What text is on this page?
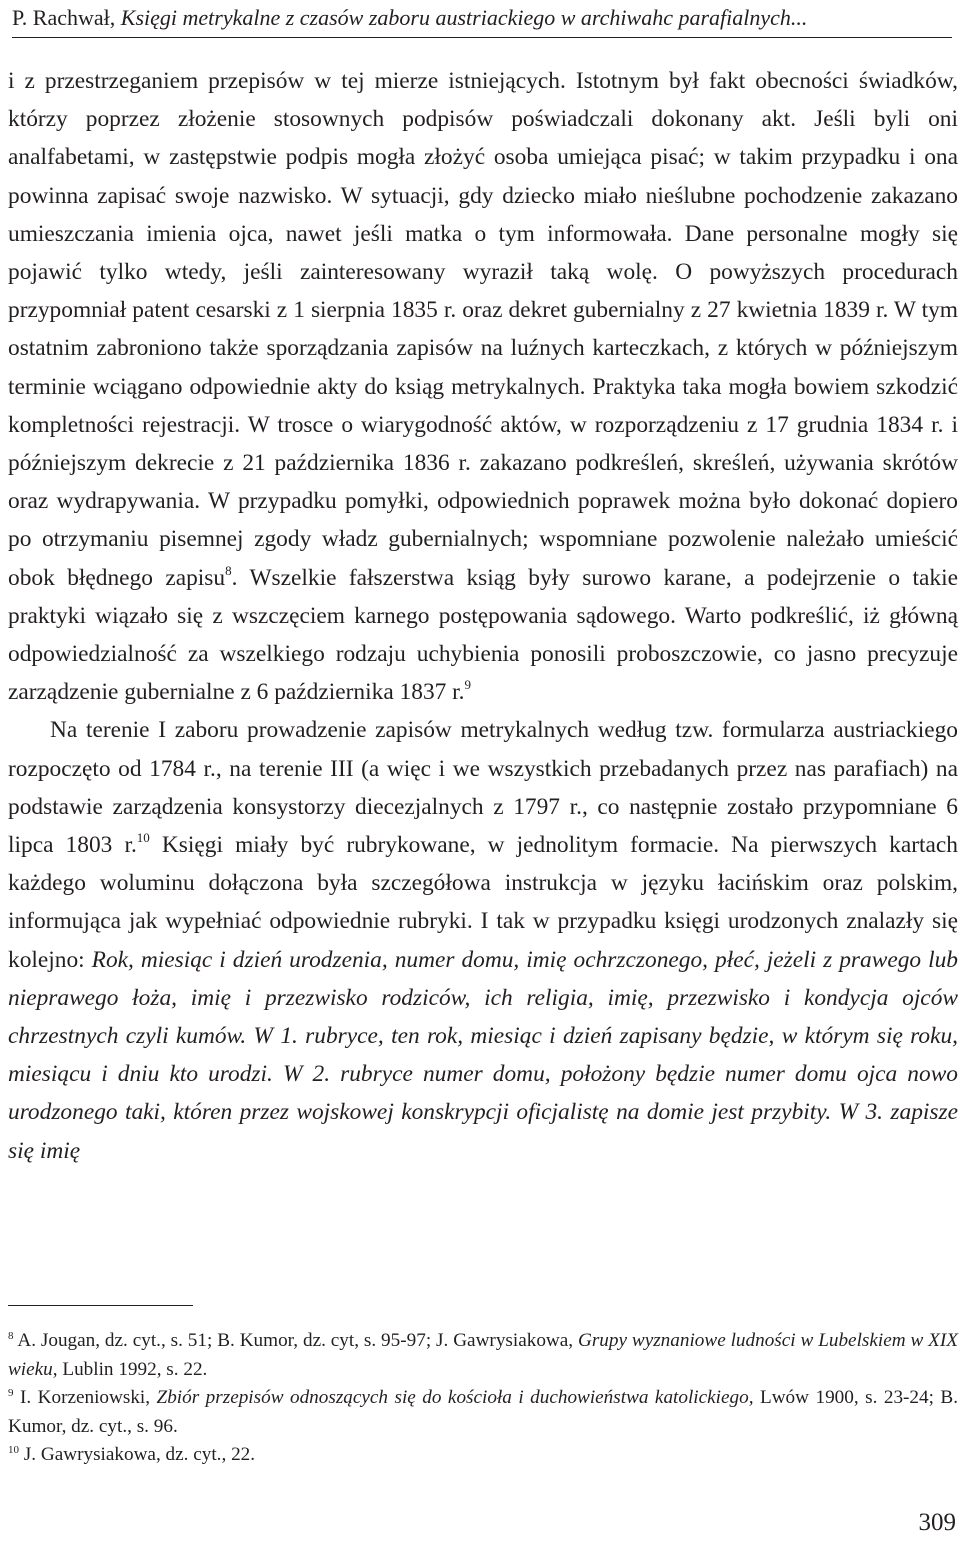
P. Rachwał, Księgi metrykalne z czasów zaboru austriackiego w archiwahc parafialnych...

i z przestrzeganiem przepisów w tej mierze istniejących. Istotnym był fakt obecności świadków, którzy poprzez złożenie stosownych podpisów poświadczali dokonany akt. Jeśli byli oni analfabetami, w zastępstwie podpis mogła złożyć osoba umiejąca pisać; w takim przypadku i ona powinna zapisać swoje nazwisko. W sytuacji, gdy dziecko miało nieślubne pochodzenie zakazano umieszczania imienia ojca, nawet jeśli matka o tym informowała. Dane personalne mogły się pojawić tylko wtedy, jeśli zainteresowany wyraził taką wolę. O powyższych procedurach przypomniał patent cesarski z 1 sierpnia 1835 r. oraz dekret gubernialny z 27 kwietnia 1839 r. W tym ostatnim zabroniono także sporządzania zapisów na luźnych karteczkach, z których w późniejszym terminie wciągano odpowiednie akty do ksiąg metrykalnych. Praktyka taka mogła bowiem szkodzić kompletności rejestracji. W trosce o wiarygodność aktów, w rozporządzeniu z 17 grudnia 1834 r. i późniejszym dekrecie z 21 października 1836 r. zakazano podkreśleń, skreśleń, używania skrótów oraz wydrapywania. W przypadku pomyłki, odpowiednich poprawek można było dokonać dopiero po otrzymaniu pisemnej zgody władz gubernialnych; wspomniane pozwolenie należało umieścić obok błędnego zapisu$^8$. Wszelkie fałszerstwa ksiąg były surowo karane, a podejrzenie o takie praktyki wiązało się z wszczęciem karnego postępowania sądowego. Warto podkreślić, iż główną odpowiedzialność za wszelkiego rodzaju uchybienia ponosili proboszczowie, co jasno precyzuje zarządzenie gubernialne z 6 października 1837 r.$^9$

Na terenie I zaboru prowadzenie zapisów metrykalnych według tzw. formularza austriackiego rozpoczęto od 1784 r., na terenie III (a więc i we wszystkich przebadanych przez nas parafiach) na podstawie zarządzenia konsystorzy diecezjalnych z 1797 r., co następnie zostało przypomniane 6 lipca 1803 r.$^{10}$ Księgi miały być rubrykowane, w jednolitym formacie. Na pierwszych kartach każdego woluminu dołączona była szczegółowa instrukcja w języku łacińskim oraz polskim, informująca jak wypełniać odpowiednie rubryki. I tak w przypadku księgi urodzonych znalazły się kolejno: Rok, miesiąc i dzień urodzenia, numer domu, imię ochrzczonego, płeć, jeżeli z prawego lub nieprawego łoża, imię i przezwisko rodziców, ich religia, imię, przezwisko i kondycja ojców chrzestnych czyli kumów. W 1. rubryce, ten rok, miesiąc i dzień zapisany będzie, w którym się roku, miesiącu i dniu kto urodzi. W 2. rubryce numer domu, położony będzie numer domu ojca nowo urodzonego taki, któren przez wojskowej konskrypcji oficjalistę na domie jest przybity. W 3. zapisze się imię

$^8$ A. Jougan, dz. cyt., s. 51; B. Kumor, dz. cyt, s. 95-97; J. Gawrysiakowa, Grupy wyznaniowe ludności w Lubelskiem w XIX wieku, Lublin 1992, s. 22.

$^9$ I. Korzeniowski, Zbiór przepisów odnoszących się do kościoła i duchowieństwa katolickiego, Lwów 1900, s. 23-24; B. Kumor, dz. cyt., s. 96.

$^{10}$ J. Gawrysiakowa, dz. cyt., 22.

309
